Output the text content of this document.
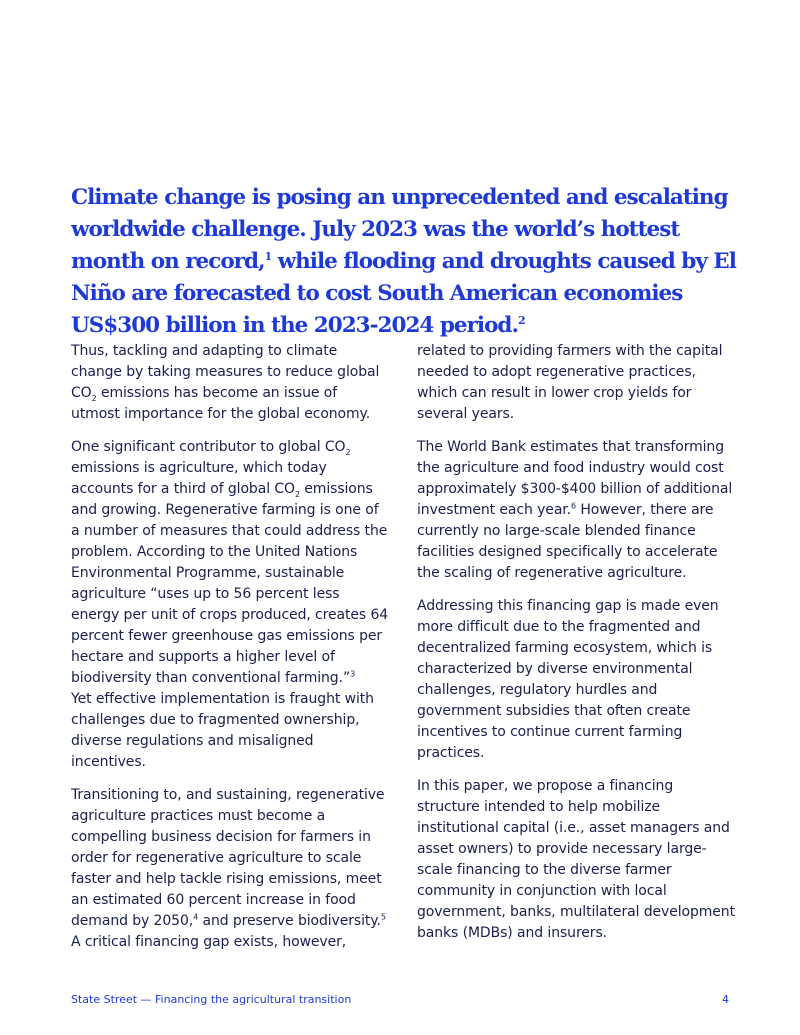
Climate change is posing an unprecedented and escalating worldwide challenge. July 2023 was the world’s hottest month on record,$^1$ while flooding and droughts caused by El Niño are forecasted to cost South American economies US$300 billion in the 2023-2024 period.$^2$

Thus, tackling and adapting to climate change by taking measures to reduce global $CO_2$ emissions has become an issue of utmost importance for the global economy.

One significant contributor to global $CO_2$ emissions is agriculture, which today accounts for a third of global $CO_2$ emissions and growing. Regenerative farming is one of a number of measures that could address the problem. According to the United Nations Environmental Programme, sustainable agriculture “uses up to 56 percent less energy per unit of crops produced, creates 64 percent fewer greenhouse gas emissions per hectare and supports a higher level of biodiversity than conventional farming.”$^3$
Yet effective implementation is fraught with challenges due to fragmented ownership, diverse regulations and misaligned incentives.

Transitioning to, and sustaining, regenerative agriculture practices must become a compelling business decision for farmers in order for regenerative agriculture to scale faster and help tackle rising emissions, meet an estimated 60 percent increase in food demand by 2050,$^4$ and preserve biodiversity.$^5$
A critical financing gap exists, however,

related to providing farmers with the capital needed to adopt regenerative practices, which can result in lower crop yields for several years.

The World Bank estimates that transforming the agriculture and food industry would cost approximately $300-$400 billion of additional investment each year.$^6$ However, there are currently no large-scale blended finance facilities designed specifically to accelerate the scaling of regenerative agriculture.

Addressing this financing gap is made even more difficult due to the fragmented and decentralized farming ecosystem, which is characterized by diverse environmental challenges, regulatory hurdles and government subsidies that often create incentives to continue current farming practices.

In this paper, we propose a financing structure intended to help mobilize institutional capital (i.e., asset managers and asset owners) to provide necessary large-scale financing to the diverse farmer community in conjunction with local government, banks, multilateral development banks (MDBs) and insurers.

State Street — Financing the agricultural transition	4
